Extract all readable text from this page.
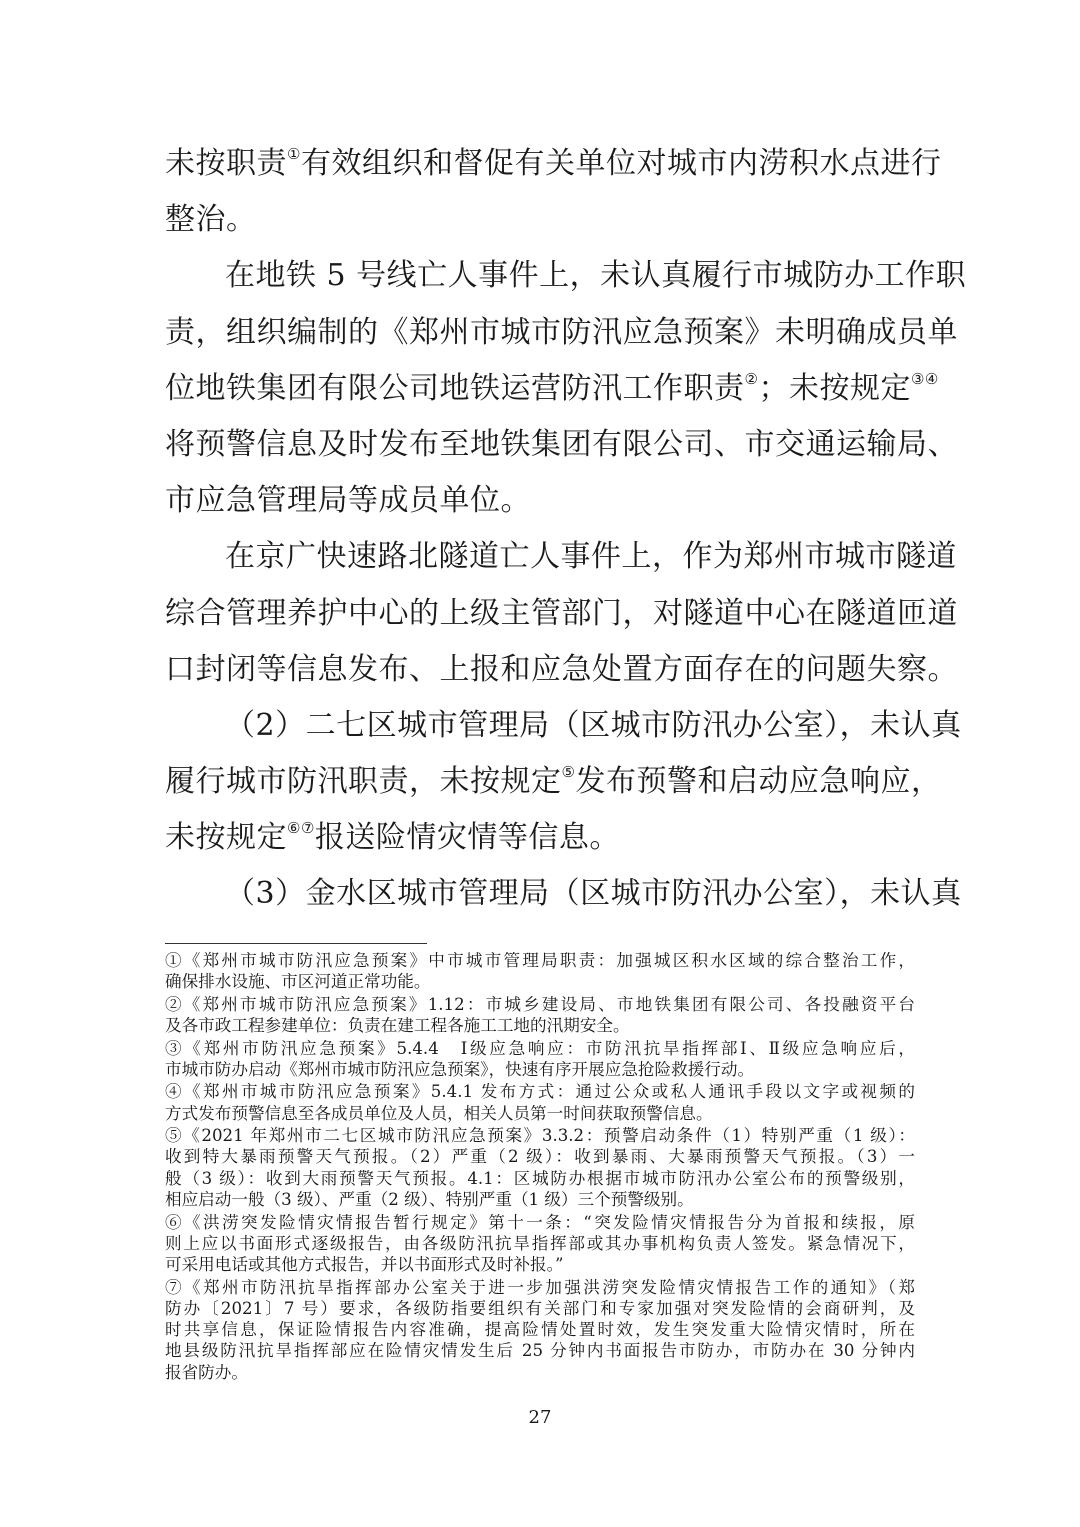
未按职责①有效组织和督促有关单位对城市内涝积水点进行
整治。
在地铁 5 号线亡人事件上，未认真履行市城防办工作职
责，组织编制的《郑州市城市防汛应急预案》未明确成员单
位地铁集团有限公司地铁运营防汛工作职责②；未按规定③④
将预警信息及时发布至地铁集团有限公司、市交通运输局、
市应急管理局等成员单位。
在京广快速路北隧道亡人事件上，作为郑州市城市隧道
综合管理养护中心的上级主管部门，对隧道中心在隧道匝道
口封闭等信息发布、上报和应急处置方面存在的问题失察。
（2）二七区城市管理局（区城市防汛办公室），未认真
履行城市防汛职责，未按规定⑤发布预警和启动应急响应，
未按规定⑥⑦报送险情灾情等信息。
（3）金水区城市管理局（区城市防汛办公室），未认真
①《郑州市城市防汛应急预案》中市城市管理局职责：加强城区积水区域的综合整治工作，
确保排水设施、市区河道正常功能。
②《郑州市城市防汛应急预案》1.12：市城乡建设局、市地铁集团有限公司、各投融资平台
及各市政工程参建单位：负责在建工程各施工工地的汛期安全。
③《郑州市防汛应急预案》5.4.4　Ⅰ级应急响应：市防汛抗旱指挥部Ⅰ、Ⅱ级应急响应后，
市城市防办启动《郑州市城市防汛应急预案》，快速有序开展应急抢险救援行动。
④《郑州市城市防汛应急预案》5.4.1 发布方式：通过公众或私人通讯手段以文字或视频的
方式发布预警信息至各成员单位及人员，相关人员第一时间获取预警信息。
⑤《2021 年郑州市二七区城市防汛应急预案》3.3.2：预警启动条件（1）特别严重（1 级）：
收到特大暴雨预警天气预报。（2）严重（2 级）：收到暴雨、大暴雨预警天气预报。（3）一
般（3 级）：收到大雨预警天气预报。4.1：区城防办根据市城市防汛办公室公布的预警级别，
相应启动一般（3 级）、严重（2 级）、特别严重（1 级）三个预警级别。
⑥《洪涝突发险情灾情报告暂行规定》第十一条：“突发险情灾情报告分为首报和续报，原
则上应以书面形式逐级报告，由各级防汛抗旱指挥部或其办事机构负责人签发。紧急情况下，
可采用电话或其他方式报告，并以书面形式及时补报。”
⑦《郑州市防汛抗旱指挥部办公室关于进一步加强洪涝突发险情灾情报告工作的通知》（郑
防办〔2021〕7 号）要求，各级防指要组织有关部门和专家加强对突发险情的会商研判，及
时共享信息，保证险情报告内容准确，提高险情处置时效，发生突发重大险情灾情时，所在
地县级防汛抗旱指挥部应在险情灾情发生后 25 分钟内书面报告市防办，市防办在 30 分钟内
报省防办。
27
